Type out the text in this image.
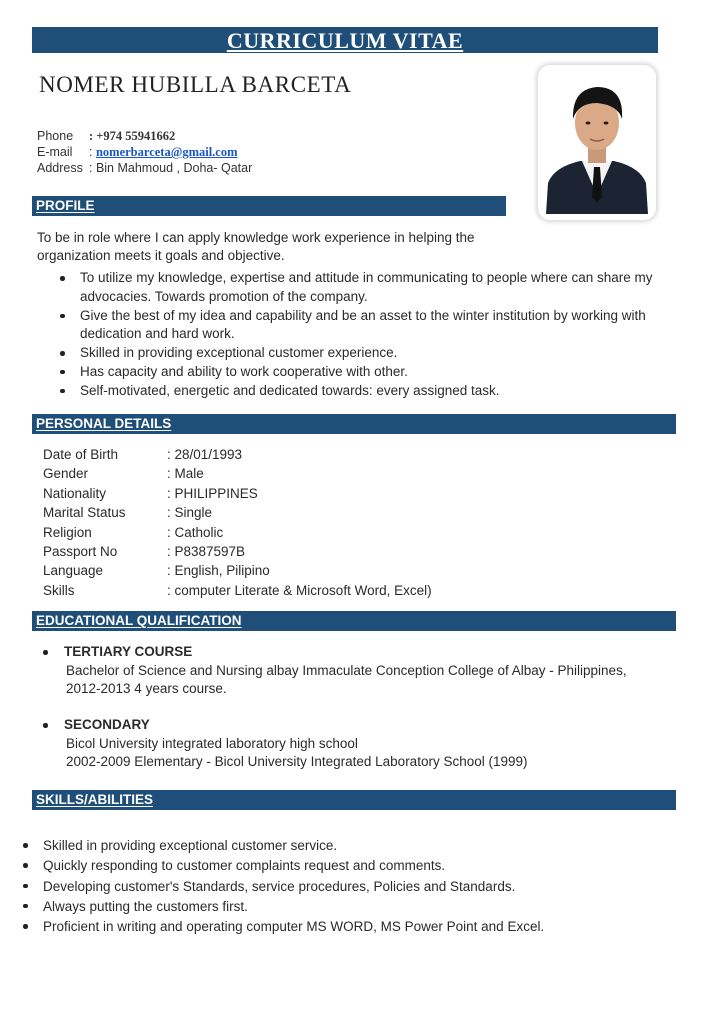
CURRICULUM VITAE
NOMER HUBILLA BARCETA
Phone	: +974 55941662
E-mail	: nomerbarceta@gmail.com
Address : Bin Mahmoud , Doha- Qatar
PROFILE
To be in role where I can apply knowledge work experience in helping the organization meets it goals and objective.
To utilize my knowledge, expertise and attitude in communicating to people where can share my advocacies. Towards promotion of the company.
Give the best of my idea and capability and be an asset to the winter institution by working with dedication and hard work.
Skilled in providing exceptional customer experience.
Has capacity and ability to work cooperative with other.
Self-motivated, energetic and dedicated towards: every assigned task.
PERSONAL DETAILS
Date of Birth	: 28/01/1993
Gender	: Male
Nationality	: PHILIPPINES
Marital Status	: Single
Religion	: Catholic
Passport No	: P8387597B
Language	: English, Pilipino
Skills	: computer Literate & Microsoft Word, Excel)
EDUCATIONAL QUALIFICATION
TERTIARY COURSE
Bachelor of Science and Nursing albay Immaculate Conception College of Albay - Philippines,
2012-2013 4 years course.
SECONDARY
Bicol University integrated laboratory high school
2002-2009 Elementary - Bicol University Integrated Laboratory School (1999)
SKILLS/ABILITIES
Skilled in providing exceptional customer service.
Quickly responding to customer complaints request and comments.
Developing customer's Standards, service procedures, Policies and Standards.
Always putting the customers first.
Proficient in writing and operating computer MS WORD, MS Power Point and Excel.
